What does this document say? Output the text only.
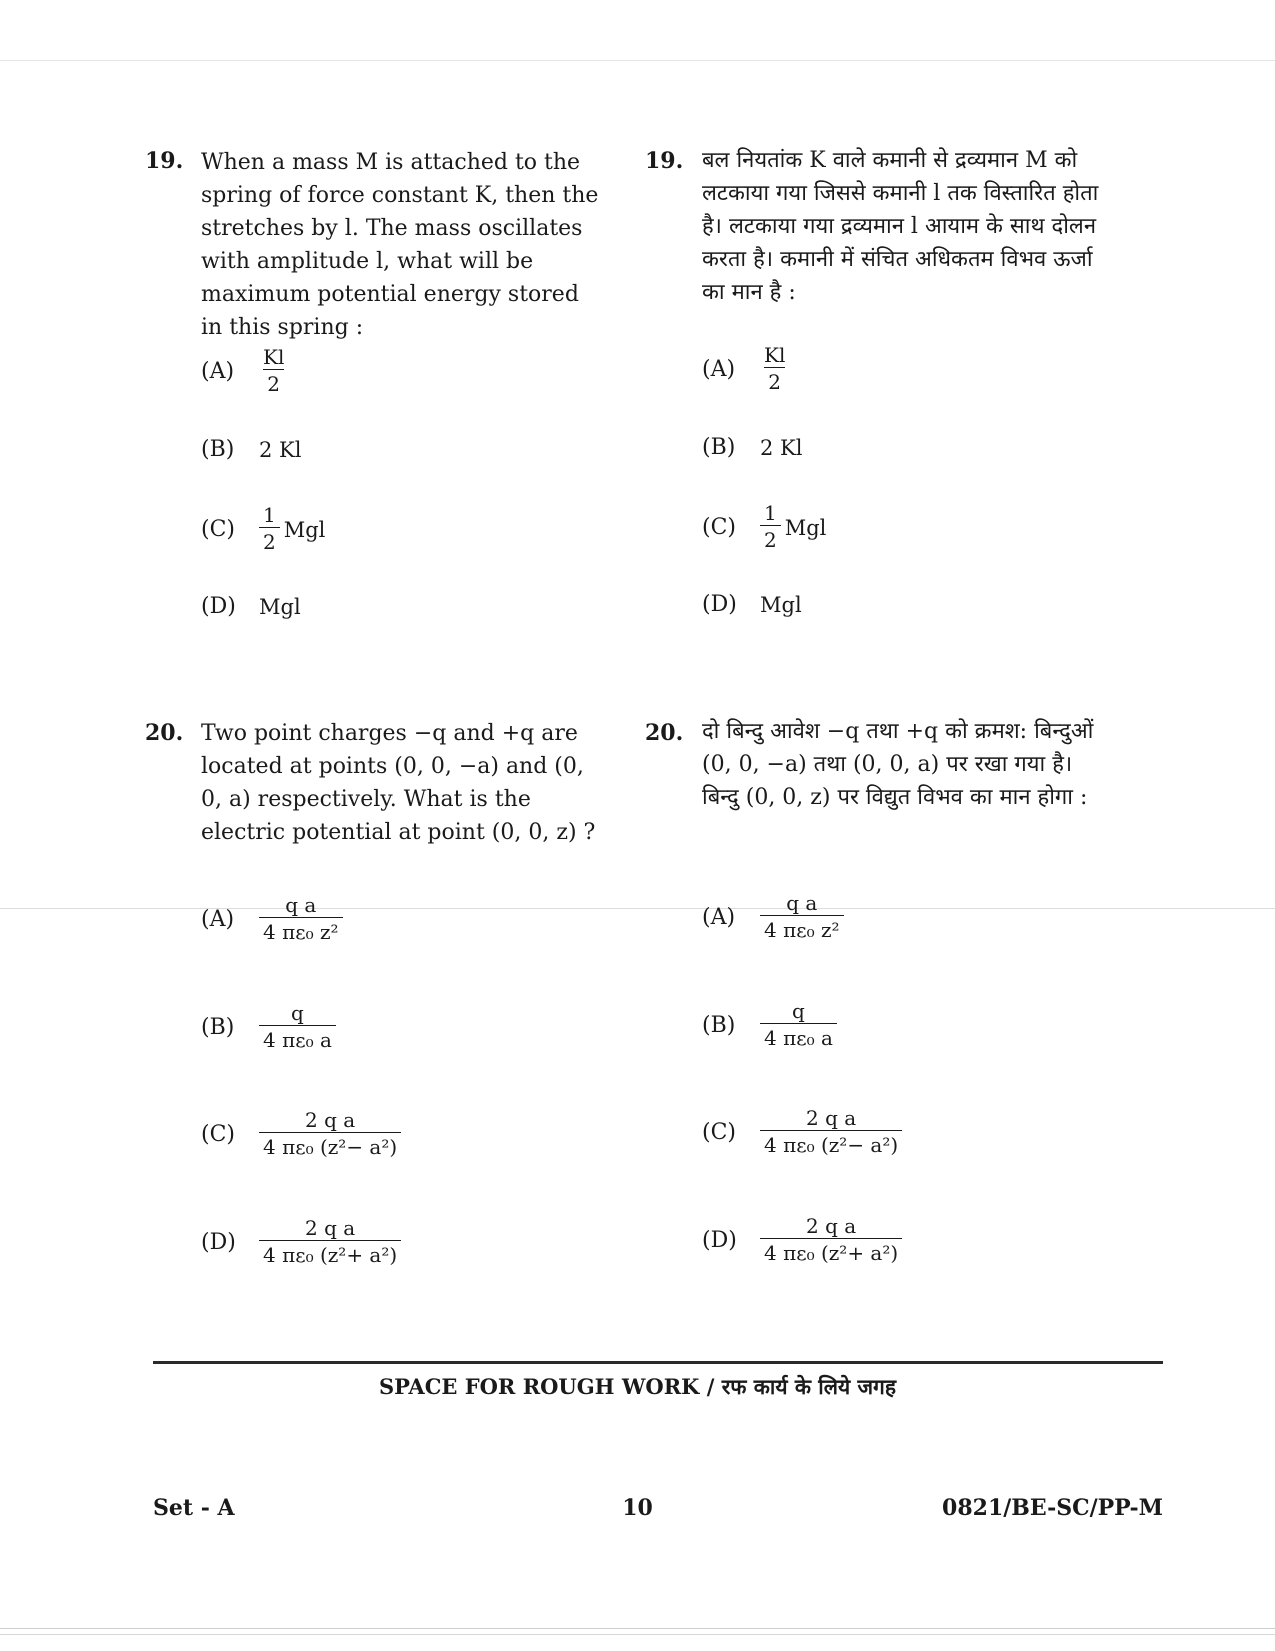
19. When a mass M is attached to the spring of force constant K, then the stretches by l. The mass oscillates with amplitude l, what will be maximum potential energy stored in this spring :
(A)	$\frac{Kl}{2}$
(B)	2 Kl
(C)	$\frac{1}{2}$ Mgl
(D)	Mgl
19. बल नियतांक K वाले कमानी से द्रव्यमान M को लटकाया गया जिससे कमानी l तक विस्तारित होता है। लटकाया गया द्रव्यमान l आयाम के साथ दोलन करता है। कमानी में संचित अधिकतम विभव ऊर्जा का मान है :
(A)	$\frac{Kl}{2}$
(B)	2 Kl
(C)	$\frac{1}{2}$ Mgl
(D)	Mgl
20. Two point charges −q and +q are located at points (0, 0, −a) and (0, 0, a) respectively. What is the electric potential at point (0, 0, z) ?
(A)	$\frac{\text{q a}}{\text{4 πε₀ z²}}$
(B)	$\frac{q}{\text{4 πε₀ a}}$
(C)	$\frac{\text{2 q a}}{\text{4 πε₀ (z²− a²)}}$
(D)	$\frac{\text{2 q a}}{\text{4 πε₀ (z²+ a²)}}$
20. दो बिन्दु आवेश −q तथा +q को क्रमश: बिन्दुओं (0, 0, −a) तथा (0, 0, a) पर रखा गया है। बिन्दु (0, 0, z) पर विद्युत विभव का मान होगा :
(A)	$\frac{\text{q a}}{\text{4 πε₀ z²}}$
(B)	$\frac{q}{\text{4 πε₀ a}}$
(C)	$\frac{\text{2 q a}}{\text{4 πε₀ (z²− a²)}}$
(D)	$\frac{\text{2 q a}}{\text{4 πε₀ (z²+ a²)}}$
SPACE FOR ROUGH WORK / रफ कार्य के लिये जगह
Set - A	10	0821/BE-SC/PP-M
